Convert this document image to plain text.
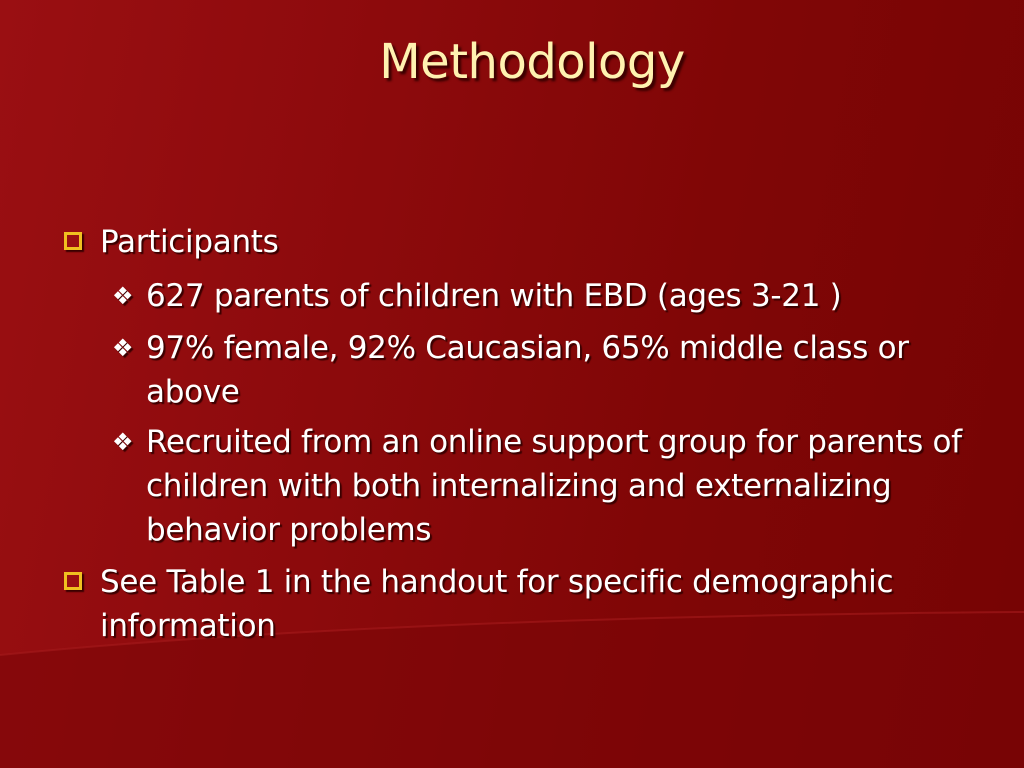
Methodology
Participants
❖ 627 parents of children with EBD (ages 3-21 )
❖ 97% female, 92% Caucasian, 65% middle class or above
❖ Recruited from an online support group for parents of children with both internalizing and externalizing behavior problems
See Table 1 in the handout for specific demographic information
